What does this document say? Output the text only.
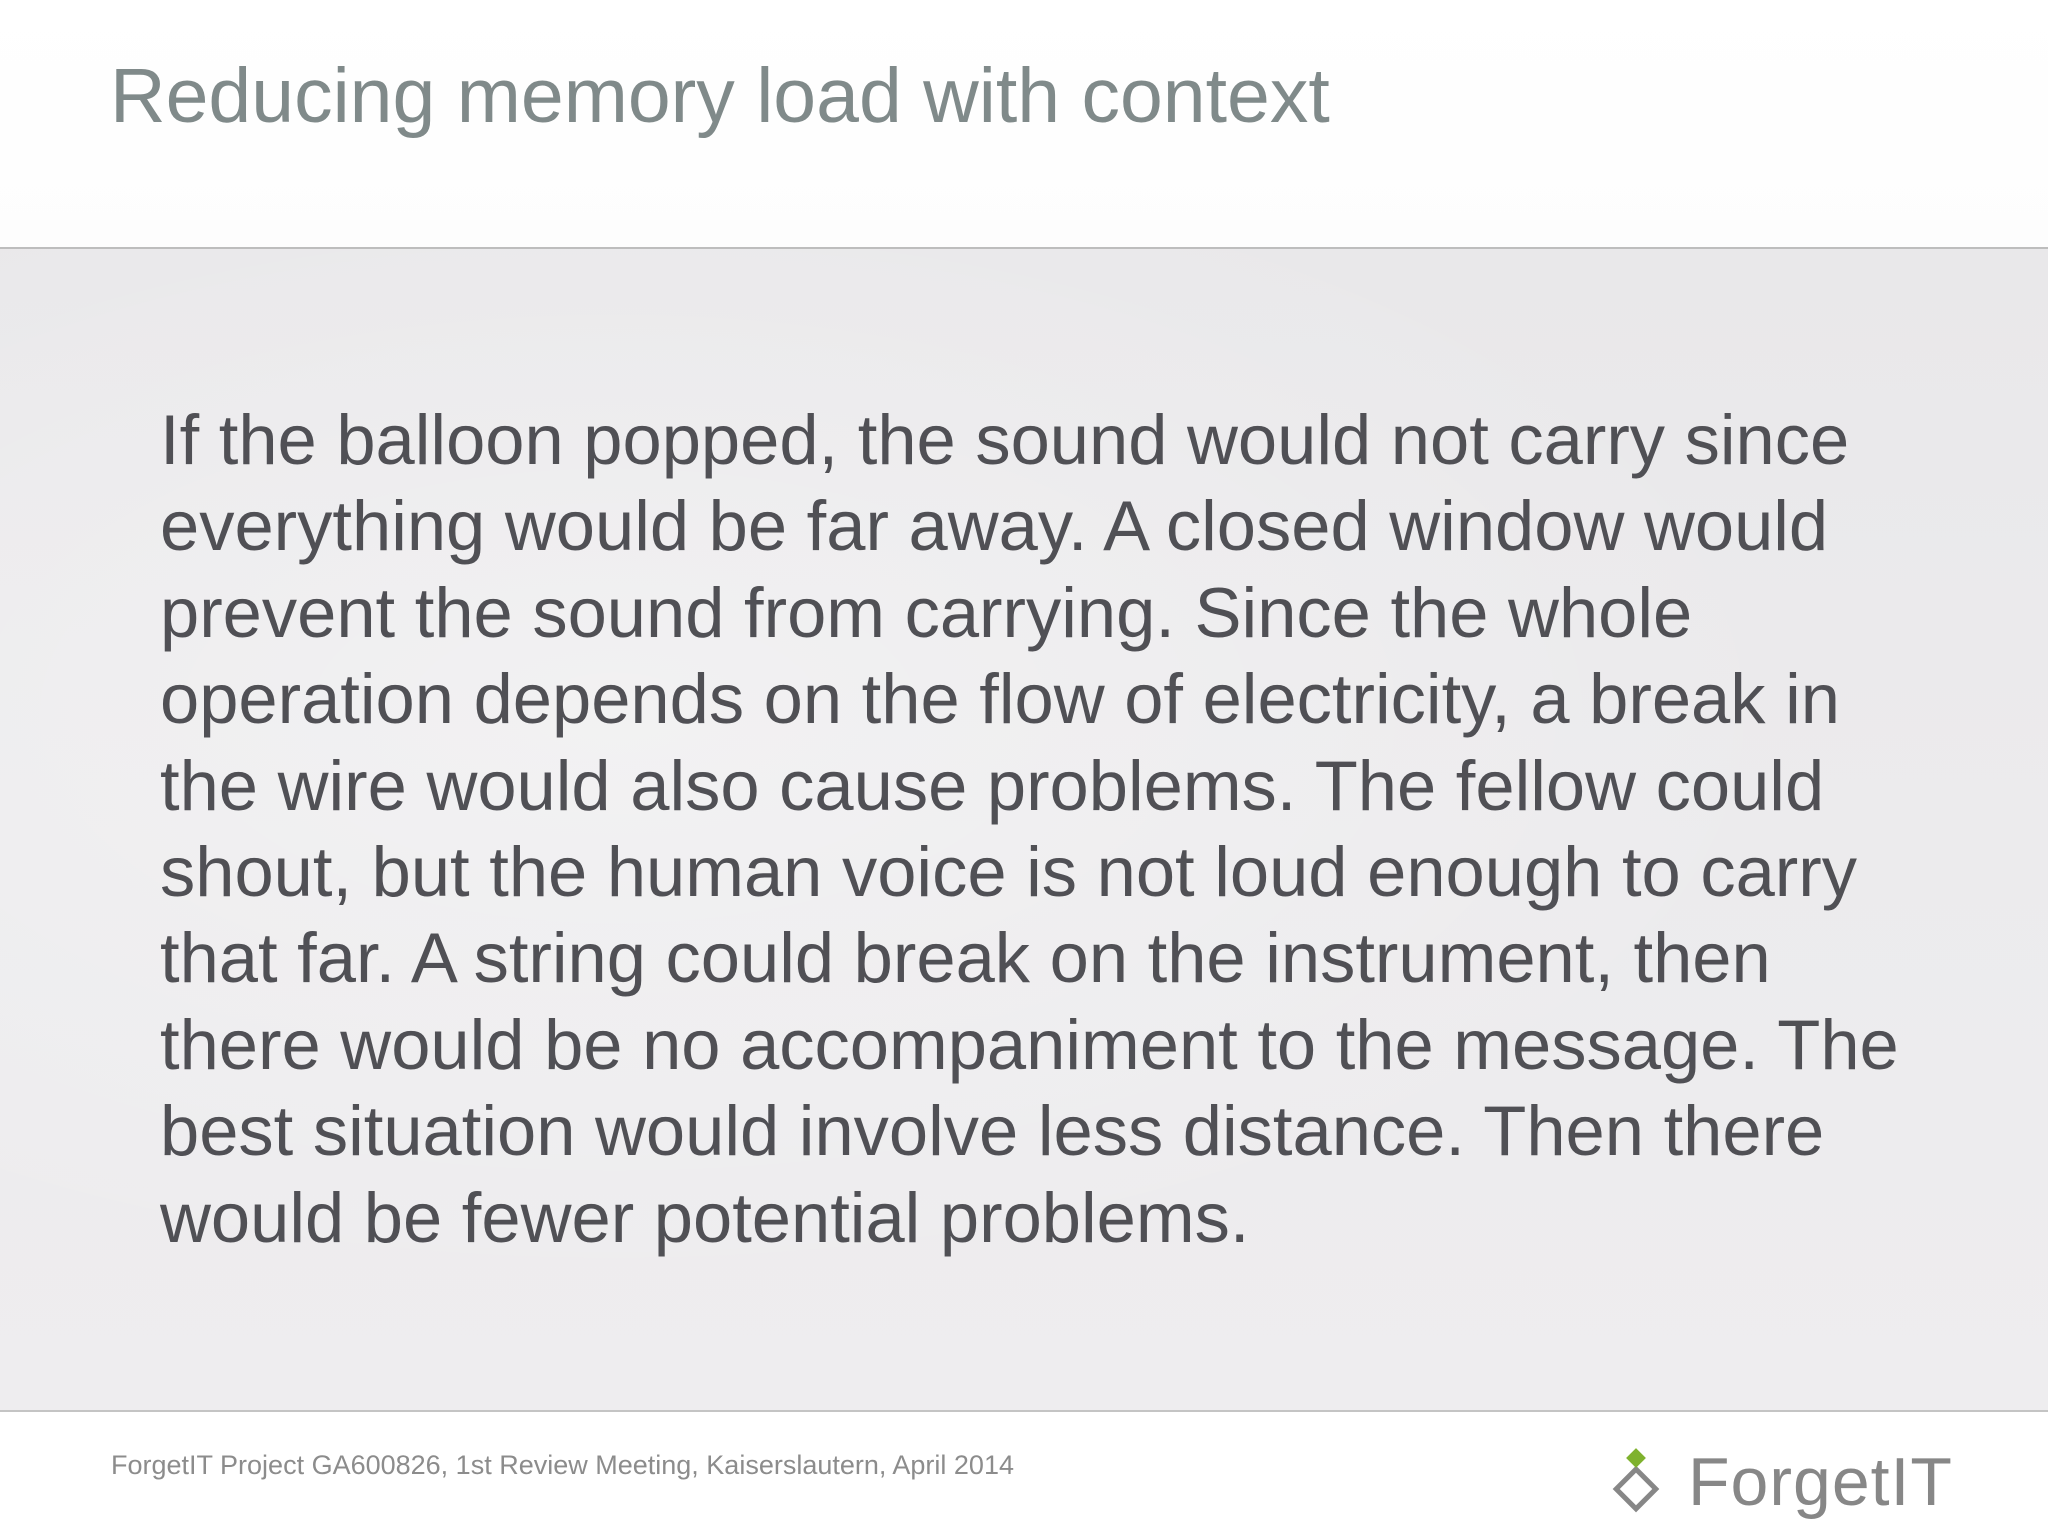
Reducing memory load with context

If the balloon popped, the sound would not carry since
everything would be far away. A closed window would
prevent the sound from carrying. Since the whole
operation depends on the flow of electricity, a break in
the wire would also cause problems. The fellow could
shout, but the human voice is not loud enough to carry
that far. A string could break on the instrument, then
there would be no accompaniment to the message. The
best situation would involve less distance. Then there
would be fewer potential problems.

ForgetIT Project GA600826, 1st Review Meeting, Kaiserslautern, April 2014	ForgetIT
